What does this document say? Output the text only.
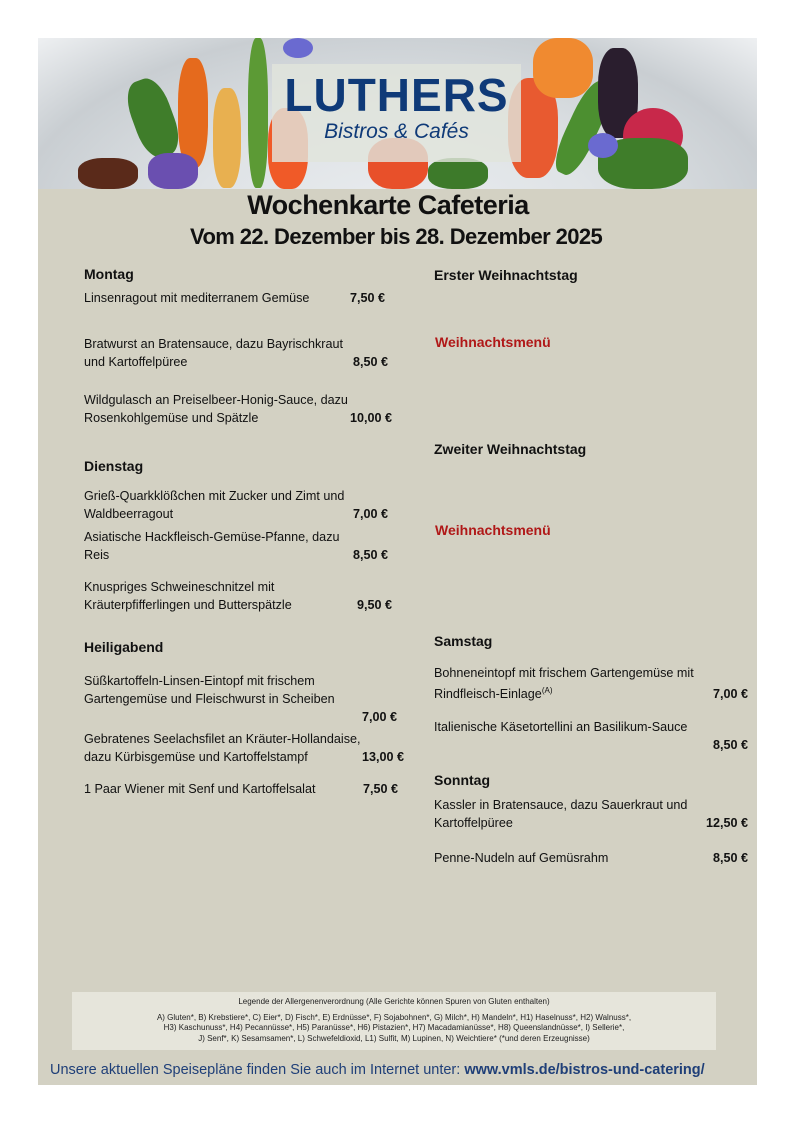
LUTHERS
Bistros & Cafés
Wochenkarte Cafeteria
Vom 22. Dezember bis 28. Dezember 2025
Montag
Linsenragout mit mediterranem Gemüse	7,50 €
Bratwurst an Bratensauce, dazu Bayrischkraut
und Kartoffelpüree	8,50 €
Wildgulasch an Preiselbeer-Honig-Sauce, dazu
Rosenkohlgemüse und Spätzle	10,00 €
Dienstag
Grieß-Quarkklößchen mit Zucker und Zimt und
Waldbeerragout	7,00 €
Asiatische Hackfleisch-Gemüse-Pfanne, dazu
Reis	8,50 €
Knuspriges Schweineschnitzel mit
Kräuterpfifferlingen und Butterspätzle	9,50 €
Heiligabend
Süßkartoffeln-Linsen-Eintopf mit frischem
Gartengemüse und Fleischwurst in Scheiben

7,00 €
Gebratenes Seelachsfilet an Kräuter-Hollandaise,
dazu Kürbisgemüse und Kartoffelstampf	13,00 €
1 Paar Wiener mit Senf und Kartoffelsalat	7,50 €
Erster Weihnachtstag
Weihnachtsmenü
Zweiter Weihnachtstag
Weihnachtsmenü
Samstag
Bohneneintopf mit frischem Gartengemüse mit
Rindfleisch-Einlage$^{(A)}$	7,00 €
Italienische Käsetortellini an Basilikum-Sauce

8,50 €
Sonntag
Kassler in Bratensauce, dazu Sauerkraut und
Kartoffelpüree	12,50 €
Penne-Nudeln auf Gemüsrahm	8,50 €
Legende der Allergenenverordnung (Alle Gerichte können Spuren von Gluten enthalten)
A) Gluten*, B) Krebstiere*, C) Eier*, D) Fisch*, E) Erdnüsse*, F) Sojabohnen*, G) Milch*, H) Mandeln*, H1) Haselnuss*, H2) Walnuss*,
H3) Kaschunuss*, H4) Pecannüsse*, H5) Paranüsse*, H6) Pistazien*, H7) Macadamianüsse*, H8) Queenslandnüsse*, I) Sellerie*,
J) Senf*, K) Sesamsamen*, L) Schwefeldioxid, L1) Sulfit, M) Lupinen, N) Weichtiere* (*und deren Erzeugnisse)
Unsere aktuellen Speisepläne finden Sie auch im Internet unter: www.vmls.de/bistros-und-catering/
